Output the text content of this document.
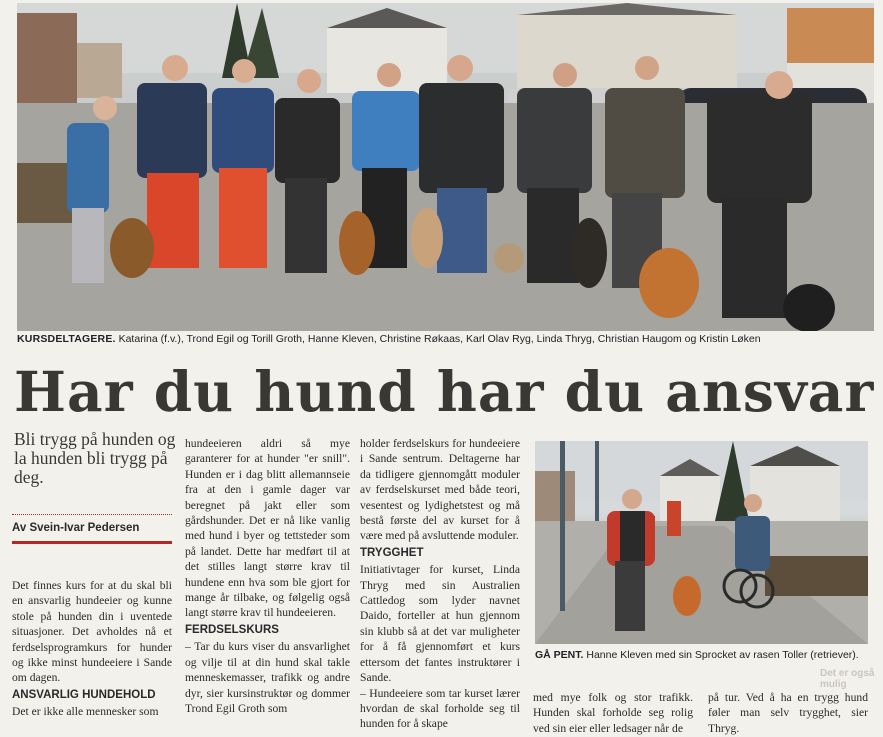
KURSDELTAGERE. Katarina (f.v.), Trond Egil og Torill Groth, Hanne Kleven, Christine Røkaas, Karl Olav Ryg, Linda Thryg, Christian Haugom og Kristin Løken
Har du hund har du ansvar
Bli trygg på hunden og la hunden bli trygg på deg.
Av Svein-Ivar Pedersen

Det finnes kurs for at du skal bli en ansvarlig hundeeier og kunne stole på hunden din i uventede situasjoner. Det avholdes nå et ferdselsprogramkurs for hunder og ikke minst hundeeiere i Sande om dagen.

ANSVARLIG HUNDEHOLD

Det er ikke alle mennesker som

hundeeieren aldri så mye garanterer for at hunder "er snill". Hunden er i dag blitt allemannseie fra at den i gamle dager var beregnet på jakt eller som gårdshunder. Det er nå like vanlig med hund i byer og tettsteder som på landet. Dette har medført til at det stilles langt større krav til hundene enn hva som ble gjort for mange år tilbake, og følgelig også langt større krav til hundeeieren.

FERDSELSKURS

– Tar du kurs viser du ansvarlighet og vilje til at din hund skal takle menneskemasser, trafikk og andre dyr, sier kursinstruktør og dommer Trond Egil Groth som

holder ferdselskurs for hundeeiere i Sande sentrum. Deltagerne har da tidligere gjennomgått moduler av ferdselskurset med både teori, vesentest og lydighetstest og må bestå første del av kurset for å være med på avsluttende moduler.

TRYGGHET

Initiativtager for kurset, Linda Thryg med sin Australien Cattledog som lyder navnet Daido, forteller at hun gjennom sin klubb så at det var muligheter for å få gjennomført et kurs ettersom det fantes instruktører i Sande.

– Hundeeiere som tar kurset lærer hvordan de skal forholde seg til hunden for å skape

GÅ PENT. Hanne Kleven med sin Sprocket av rasen Toller (retriever).
Det er også mulig

med mye folk og stor trafikk. Hunden skal forholde seg rolig ved sin eier eller ledsager når de

på tur. Ved å ha en trygg hund føler man selv trygghet, sier Thryg.
